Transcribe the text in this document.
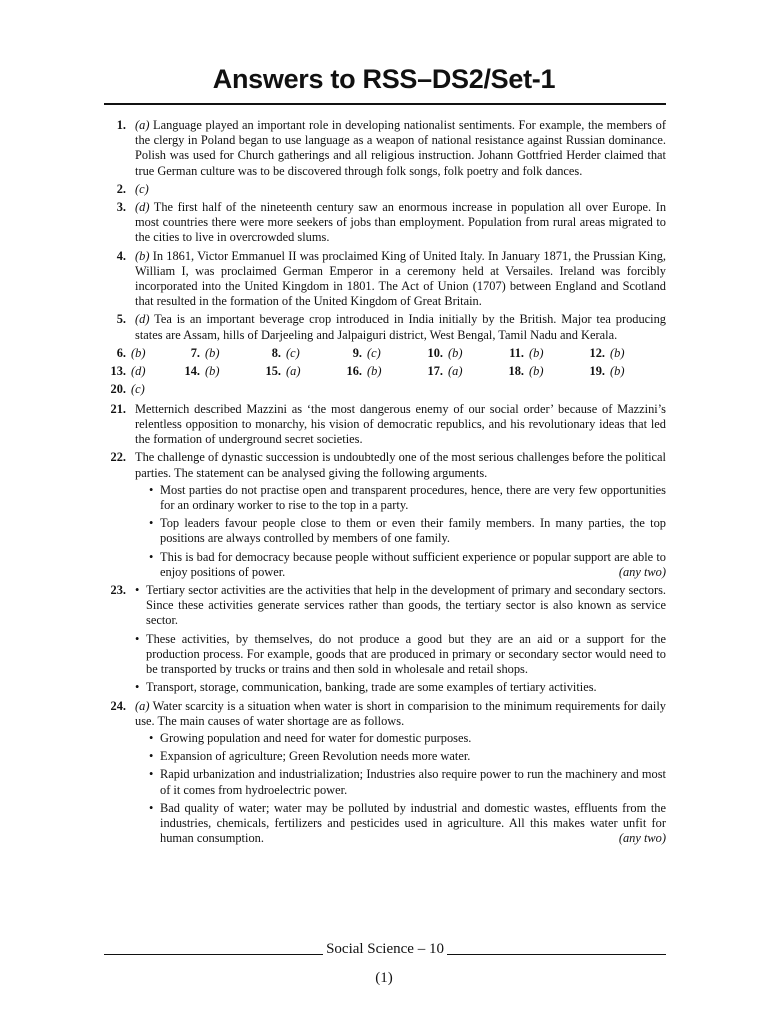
Answers to RSS–DS2/Set-1
1. (a) Language played an important role in developing nationalist sentiments. For example, the members of the clergy in Poland began to use language as a weapon of national resistance against Russian dominance. Polish was used for Church gatherings and all religious instruction. Johann Gottfried Herder claimed that true German culture was to be discovered through folk songs, folk poetry and folk dances.
2. (c)
3. (d) The first half of the nineteenth century saw an enormous increase in population all over Europe. In most countries there were more seekers of jobs than employment. Population from rural areas migrated to the cities to live in overcrowded slums.
4. (b) In 1861, Victor Emmanuel II was proclaimed King of United Italy. In January 1871, the Prussian King, William I, was proclaimed German Emperor in a ceremony held at Versailes. Ireland was forcibly incorporated into the United Kingdom in 1801. The Act of Union (1707) between England and Scotland that resulted in the formation of the United Kingdom of Great Britain.
5. (d) Tea is an important beverage crop introduced in India initially by the British. Major tea producing states are Assam, hills of Darjeeling and Jalpaiguri district, West Bengal, Tamil Nadu and Kerala.
6. (b)	7. (b)	8. (c)	9. (c)	10. (b)	11. (b)	12. (b)
13. (d)	14. (b)	15. (a)	16. (b)	17. (a)	18. (b)	19. (b)
20. (c)
21. Metternich described Mazzini as ‘the most dangerous enemy of our social order’ because of Mazzini’s relentless opposition to monarchy, his vision of democratic republics, and his revolutionary ideas that led the formation of underground secret societies.
22. The challenge of dynastic succession is undoubtedly one of the most serious challenges before the political parties. The statement can be analysed giving the following arguments.
• Most parties do not practise open and transparent procedures, hence, there are very few opportunities for an ordinary worker to rise to the top in a party.
• Top leaders favour people close to them or even their family members. In many parties, the top positions are always controlled by members of one family.
• This is bad for democracy because people without sufficient experience or popular support are able to enjoy positions of power.	(any two)
23.
•	Tertiary sector activities are the activities that help in the development of primary and secondary sectors. Since these activities generate services rather than goods, the tertiary sector is also known as service sector.
• These activities, by themselves, do not produce a good but they are an aid or a support for the production process. For example, goods that are produced in primary or secondary sector would need to be transported by trucks or trains and then sold in wholesale and retail shops.
• Transport, storage, communication, banking, trade are some examples of tertiary activities.
24. (a) Water scarcity is a situation when water is short in comparision to the minimum requirements for daily use. The main causes of water shortage are as follows.
• Growing population and need for water for domestic purposes.
• Expansion of agriculture; Green Revolution needs more water.
• Rapid urbanization and industrialization; Industries also require power to run the machinery and most of it comes from hydroelectric power.
• Bad quality of water; water may be polluted by industrial and domestic wastes, effluents from the industries, chemicals, fertilizers and pesticides used in agriculture. All this makes water unfit for human consumption.	(any two)
Social Science – 10
(1)
